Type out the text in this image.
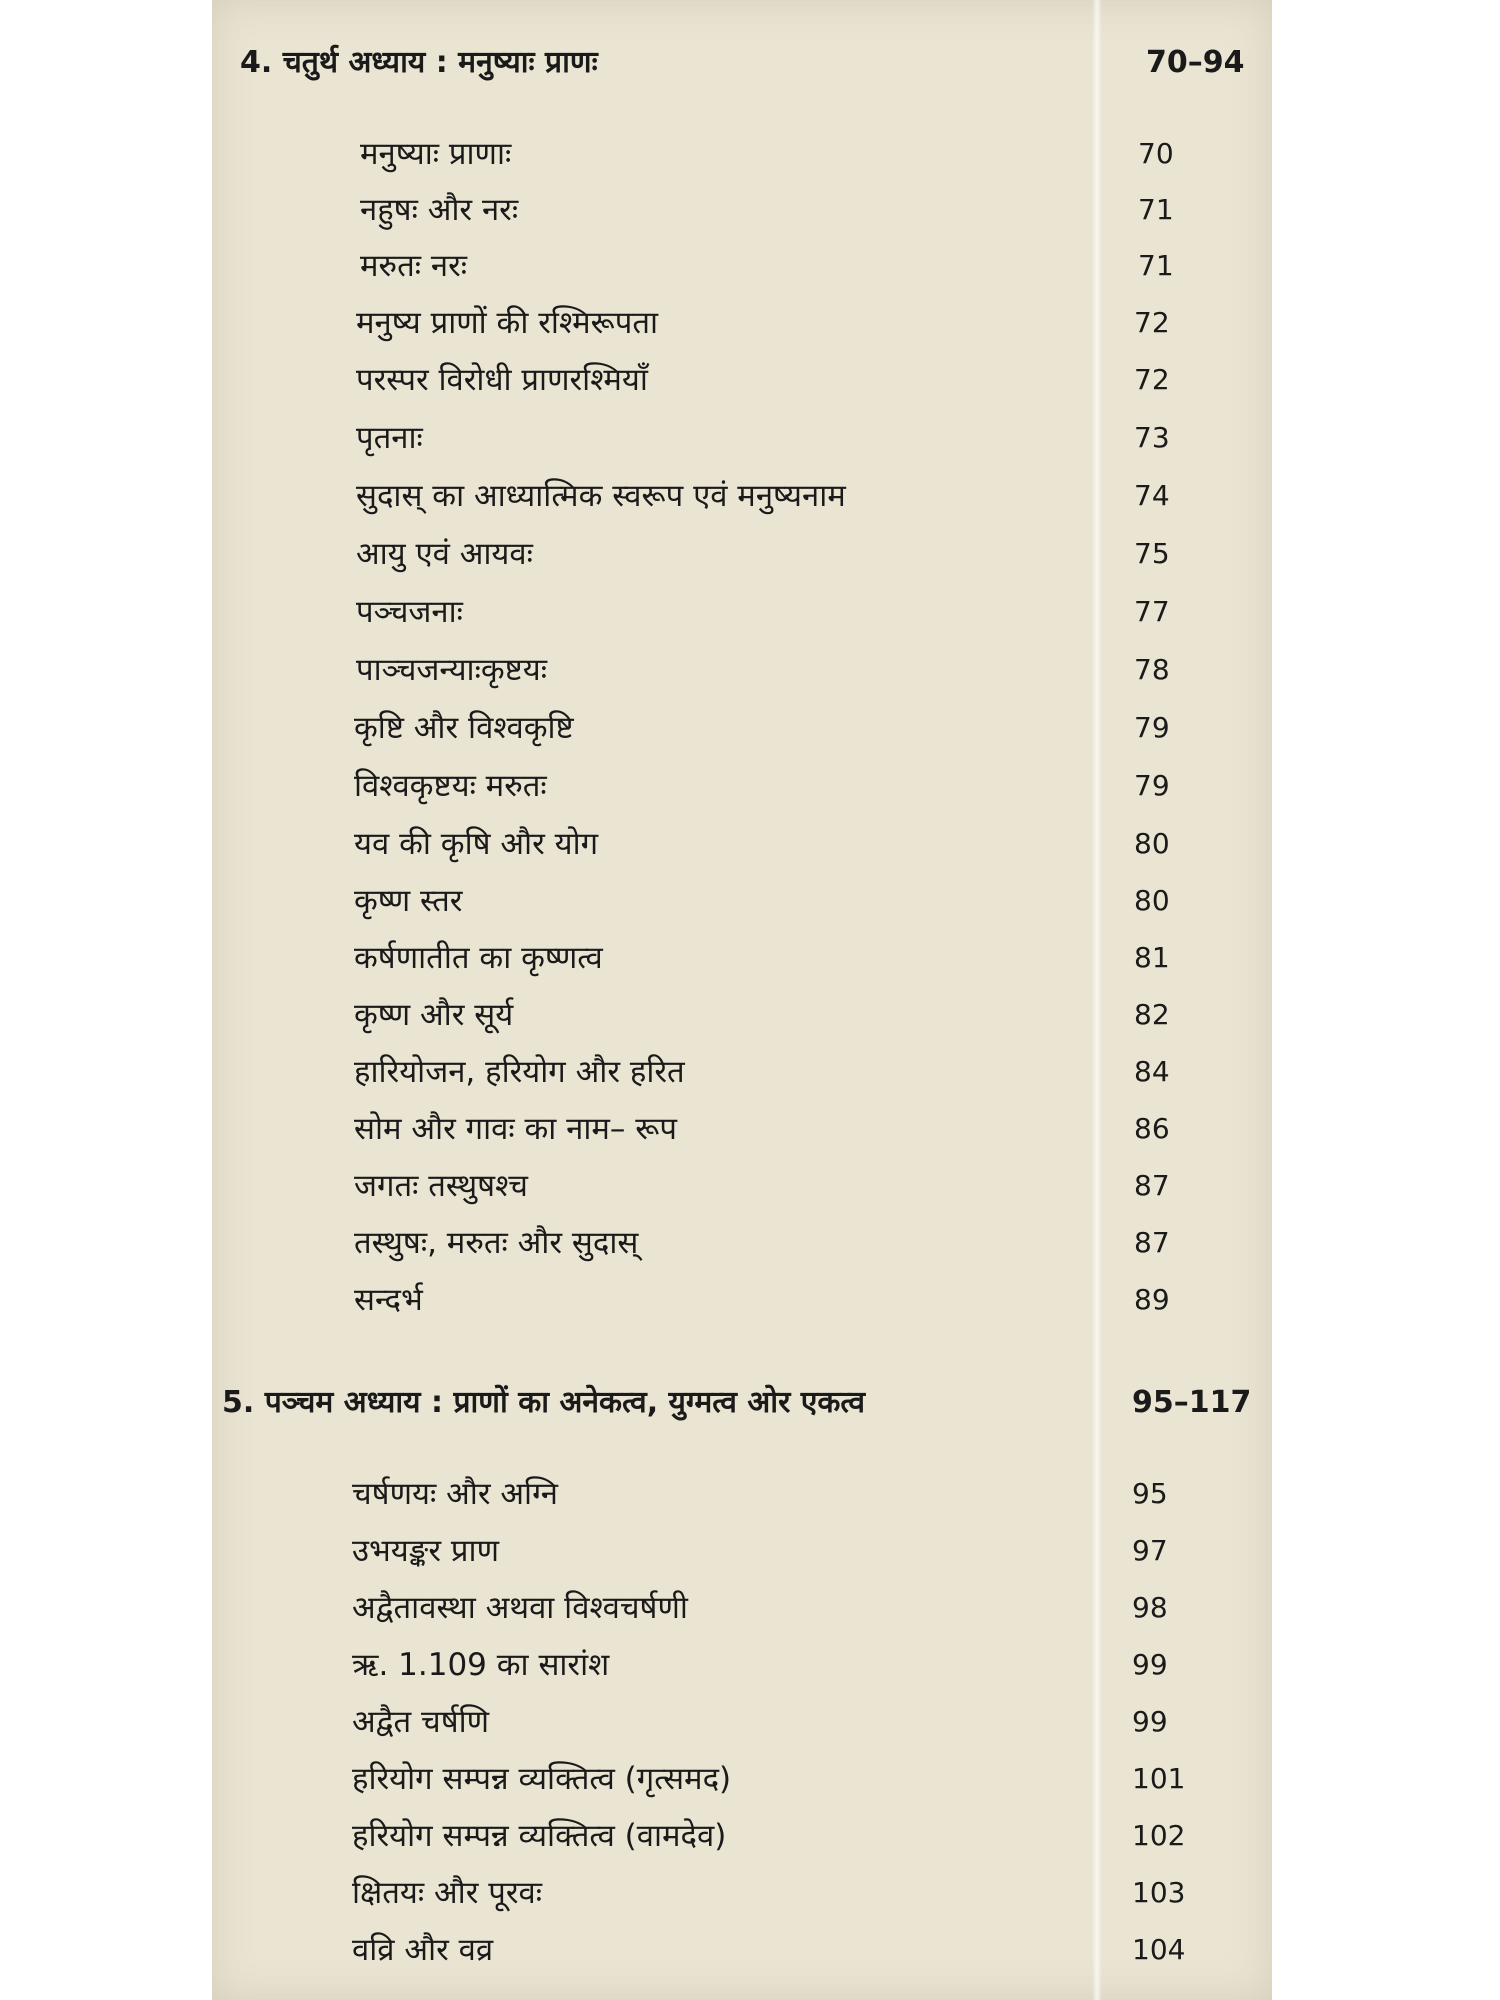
4. चतुर्थ अध्याय : मनुष्याः प्राणः	70–94
मनुष्याः प्राणाः	70
नहुषः और नरः	71
मरुतः नरः	71
मनुष्य प्राणों की रश्मिरूपता	72
परस्पर विरोधी प्राणरश्मियाँ	72
पृतनाः	73
सुदास् का आध्यात्मिक स्वरूप एवं मनुष्यनाम	74
आयु एवं आयवः	75
पञ्चजनाः	77
पाञ्चजन्याःकृष्टयः	78
कृष्टि और विश्वकृष्टि	79
विश्वकृष्टयः मरुतः	79
यव की कृषि और योग	80
कृष्ण स्तर	80
कर्षणातीत का कृष्णत्व	81
कृष्ण और सूर्य	82
हारियोजन, हरियोग और हरित	84
सोम और गावः का नाम– रूप	86
जगतः तस्थुषश्च	87
तस्थुषः, मरुतः और सुदास्	87
सन्दर्भ	89
5. पञ्चम अध्याय : प्राणों का अनेकत्व, युग्मत्व ओर एकत्व	95–117
चर्षणयः और अग्नि	95
उभयङ्कर प्राण	97
अद्वैतावस्था अथवा विश्वचर्षणी	98
ऋ. 1.109 का सारांश	99
अद्वैत चर्षणि	99
हरियोग सम्पन्न व्यक्तित्व (गृत्समद)	101
हरियोग सम्पन्न व्यक्तित्व (वामदेव)	102
क्षितयः और पूरवः	103
वव्रि और वव्र	104
